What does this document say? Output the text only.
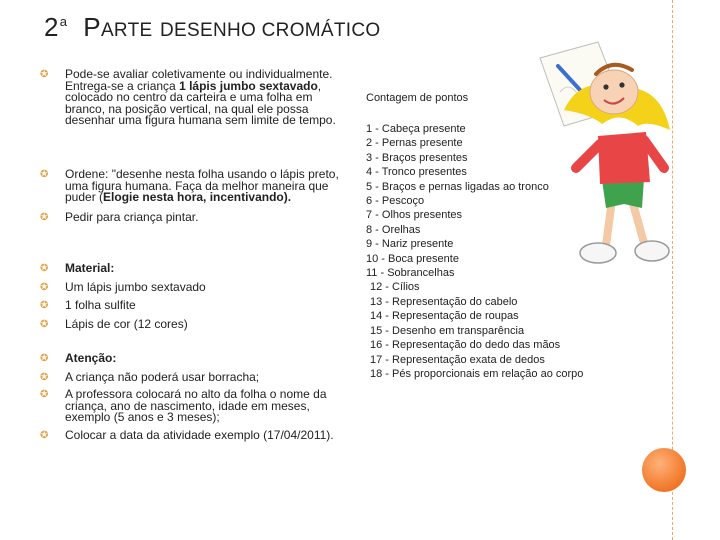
2$^a$ PARTE DESENHO CROMÁTICO
✪ Pode-se avaliar coletivamente ou individualmente. Entrega-se a criança 1 lápis jumbo sextavado, colocado no centro da carteira e uma folha em branco, na posição vertical, na qual ele possa desenhar uma figura humana sem limite de tempo.
✪ Ordene: "desenhe nesta folha usando o lápis preto, uma figura humana. Faça da melhor maneira que puder (Elogie nesta hora, incentivando).
✪ Pedir para criança pintar.
✪ Material:
✪ Um lápis jumbo sextavado
✪ 1 folha sulfite
✪ Lápis de cor (12 cores)
✪ Atenção:
✪ A criança não poderá usar borracha;
✪ A professora colocará no alto da folha o nome da criança, ano de nascimento, idade em meses, exemplo (5 anos e 3 meses);
✪ Colocar a data da atividade exemplo (17/04/2011).
Contagem de pontos
1 - Cabeça presente
2 - Pernas presente
3 - Braços presentes
4 - Tronco presentes
5 - Braços e pernas ligadas ao tronco
6 - Pescoço
7 - Olhos presentes
8 - Orelhas
9 - Nariz presente
10 - Boca presente
11 - Sobrancelhas
12 - Cílios
13 - Representação do cabelo
14 - Representação de roupas
15 - Desenho em transparência
16 - Representação do dedo das mãos
17 - Representação exata de dedos
18 - Pés proporcionais em relação ao corpo
